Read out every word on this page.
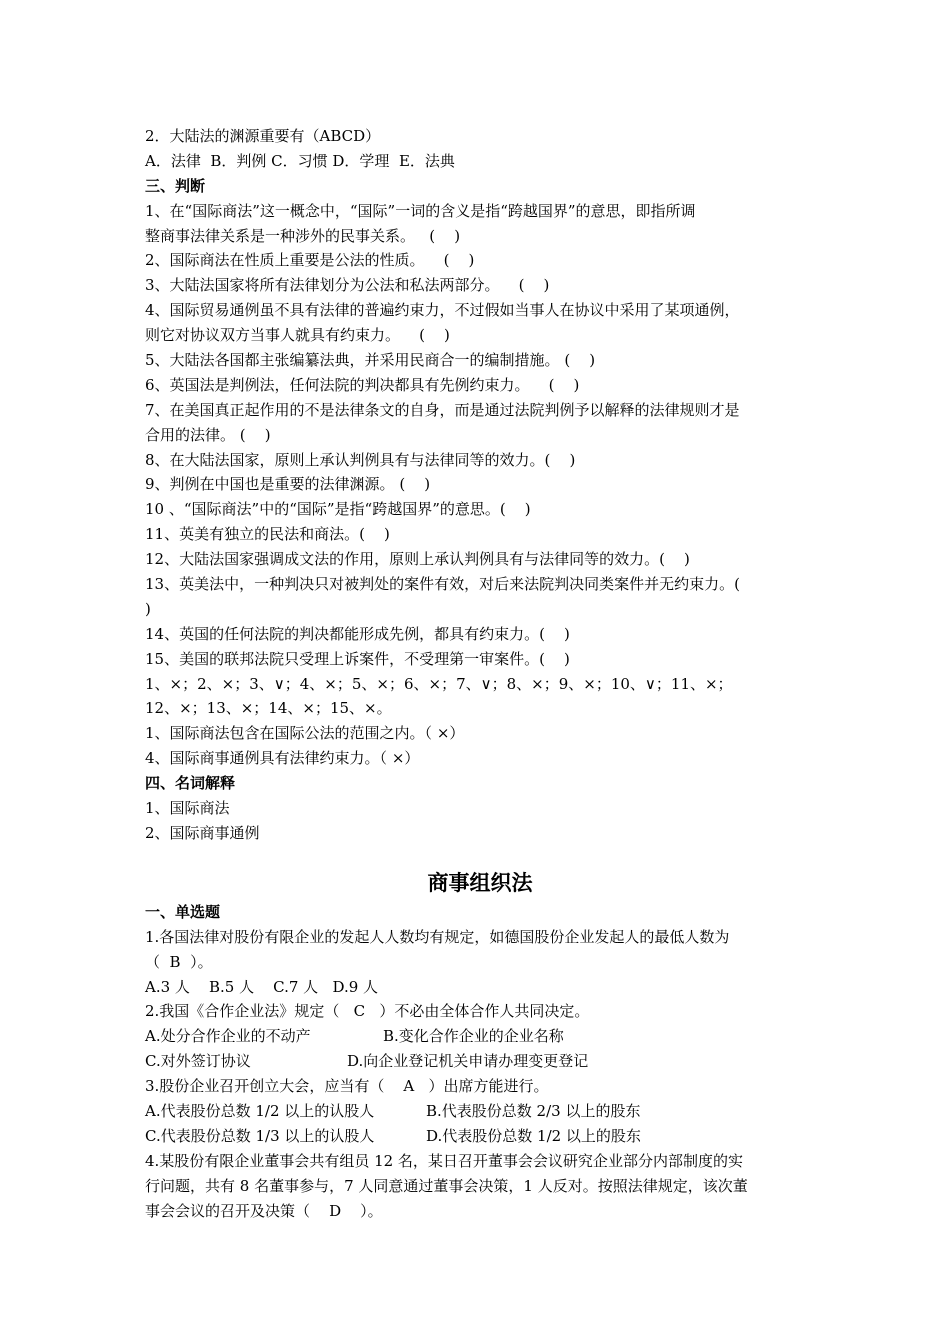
2．大陆法的渊源重要有（ABCD）
A．法律  B．判例 C．习惯 D．学理  E．法典
三、判断
1、在“国际商法”这一概念中，“国际”一词的含义是指“跨越国界”的意思，即指所调
整商事法律关系是一种涉外的民事关系。   (    )
2、国际商法在性质上重要是公法的性质。    (    )
3、大陆法国家将所有法律划分为公法和私法两部分。    (    )
4、国际贸易通例虽不具有法律的普遍约束力，不过假如当事人在协议中采用了某项通例，
则它对协议双方当事人就具有约束力。    (    )
5、大陆法各国都主张编纂法典，并采用民商合一的编制措施。 (    )
6、英国法是判例法，任何法院的判决都具有先例约束力。    (    )
7、在美国真正起作用的不是法律条文的自身，而是通过法院判例予以解释的法律规则才是
合用的法律。 (    )
8、在大陆法国家，原则上承认判例具有与法律同等的效力。(    )
9、判例在中国也是重要的法律渊源。 (    )
10 、“国际商法”中的“国际”是指“跨越国界”的意思。(    )
11、英美有独立的民法和商法。(    )
12、大陆法国家强调成文法的作用，原则上承认判例具有与法律同等的效力。(    )
13、英美法中，一种判决只对被判处的案件有效，对后来法院判决同类案件并无约束力。(
)
14、英国的任何法院的判决都能形成先例，都具有约束力。(    )
15、美国的联邦法院只受理上诉案件，不受理第一审案件。(    )
1、×；2、×；3、∨；4、×；5、×；6、×；7、∨；8、×；9、×；10、∨；11、×；
12、×；13、×；14、×；15、×。
1、国际商法包含在国际公法的范围之内。（ ×）
4、国际商事通例具有法律约束力。（ ×）
四、名词解释
1、国际商法
2、国际商事通例
商事组织法
一、单选题
1.各国法律对股份有限企业的发起人人数均有规定，如德国股份企业发起人的最低人数为
（  B  ）。
A.3 人    B.5 人    C.7 人   D.9 人
2.我国《合作企业法》规定（   C   ）不必由全体合作人共同决定。
A.处分合作企业的不动产	B.变化合作企业的企业名称
C.对外签订协议	D.向企业登记机关申请办理变更登记
3.股份企业召开创立大会，应当有（    A   ）出席方能进行。
A.代表股份总数 1/2 以上的认股人	B.代表股份总数 2/3 以上的股东
C.代表股份总数 1/3 以上的认股人	D.代表股份总数 1/2 以上的股东
4.某股份有限企业董事会共有组员 12 名，某日召开董事会会议研究企业部分内部制度的实
行问题，共有 8 名董事参与，7 人同意通过董事会决策，1 人反对。按照法律规定，该次董
事会会议的召开及决策（    D    ）。
